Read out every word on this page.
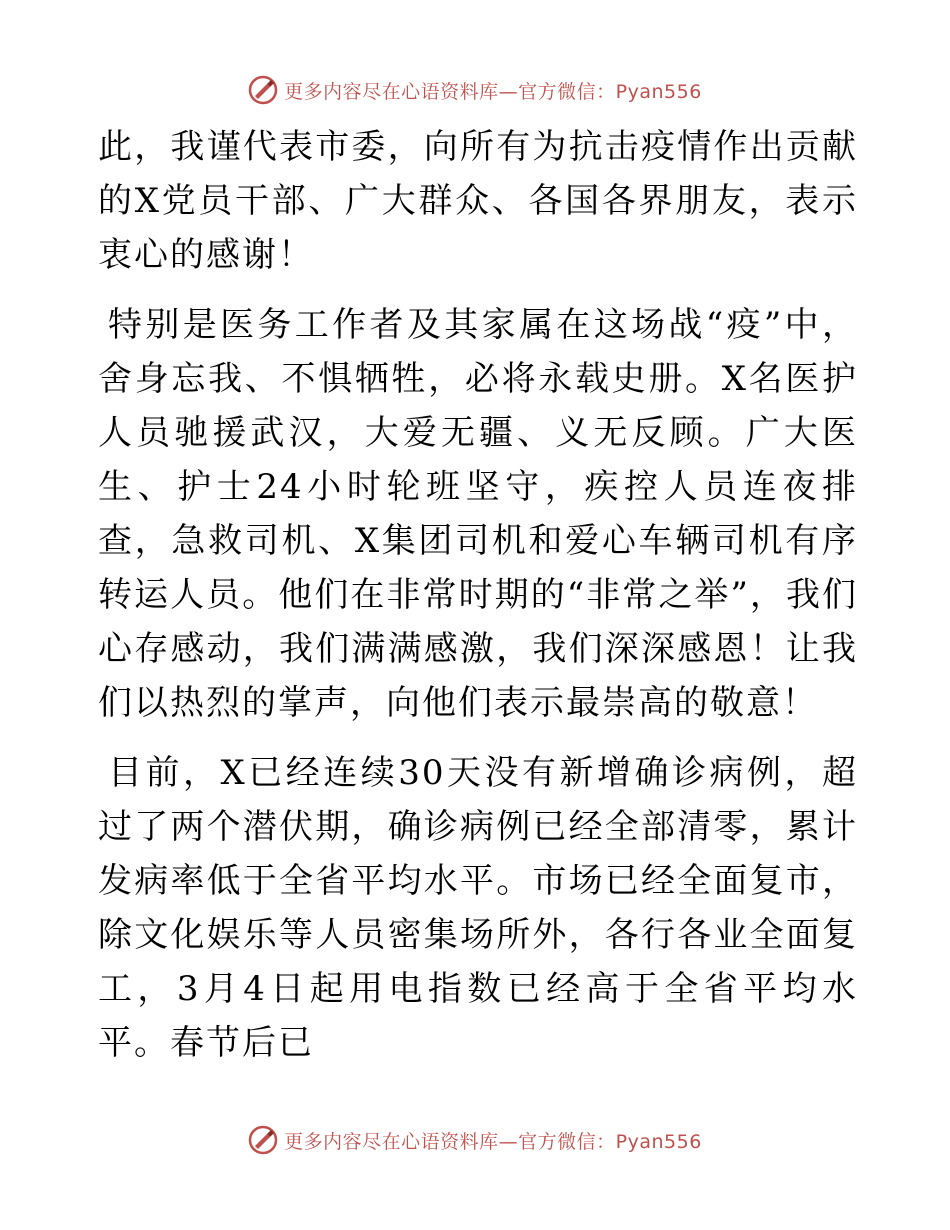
更多内容尽在心语资料库—官方微信：Pyan556

此，我谨代表市委，向所有为抗击疫情作出贡献的X党员干部、广大群众、各国各界朋友，表示衷心的感谢！

特别是医务工作者及其家属在这场战“疫”中，舍身忘我、不惧牺牲，必将永载史册。X名医护人员驰援武汉，大爱无疆、义无反顾。广大医生、护士24小时轮班坚守，疾控人员连夜排查，急救司机、X集团司机和爱心车辆司机有序转运人员。他们在非常时期的“非常之举”，我们心存感动，我们满满感激，我们深深感恩！让我们以热烈的掌声，向他们表示最崇高的敬意！

目前，X已经连续30天没有新增确诊病例，超过了两个潜伏期，确诊病例已经全部清零，累计发病率低于全省平均水平。市场已经全面复市，除文化娱乐等人员密集场所外，各行各业全面复工，3月4日起用电指数已经高于全省平均水平。春节后已

更多内容尽在心语资料库—官方微信：Pyan556
